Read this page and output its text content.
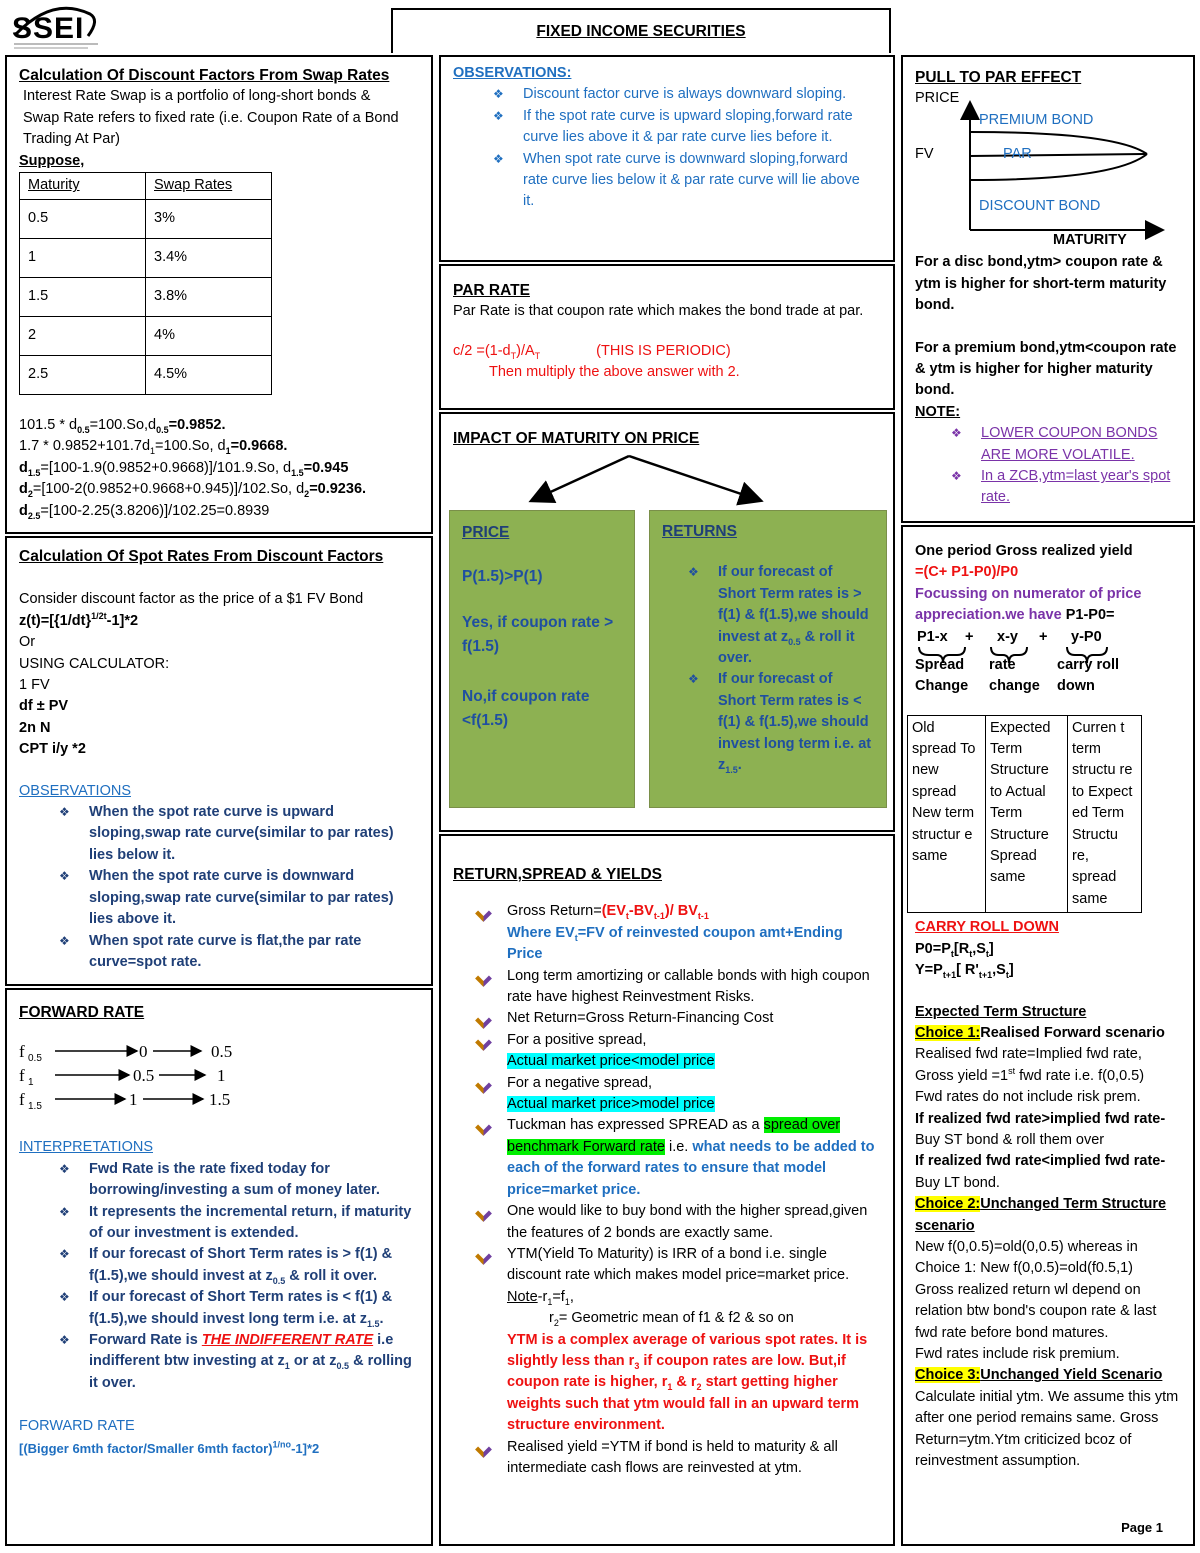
SSEI	FIXED INCOME SECURITIES
Calculation Of Discount Factors From Swap Rates
Interest Rate Swap is a portfolio of long-short bonds & Swap Rate refers to fixed rate (i.e. Coupon Rate of a Bond Trading At Par)
Suppose,
Maturity	Swap Rates
0.5	3%
1	3.4%
1.5	3.8%
2	4%
2.5	4.5%
$101.5 * d_{0.5}=100.So,d_{0.5}=0.9852$.
$1.7 * 0.9852+101.7d_1=100.So$, $d_1=0.9668$.
$d_{1.5}=[100-1.9(0.9852+0.9668)]/101.9.So$, $d_{1.5}=0.945$
$d_2=[100-2(0.9852+0.9668+0.945)]/102.So$, $d_2=0.9236$.
$d_{2.5}=[100-2.25(3.8206)]/102.25=0.8939$
Calculation Of Spot Rates From Discount Factors
Consider discount factor as the price of a $1 FV Bond
$z(t)=[\{1/dt\}^{1/2t}-1]*2$
Or
USING CALCULATOR:
1 FV
df ± PV
2n N
CPT i/y *2
OBSERVATIONS
❖ When the spot rate curve is upward sloping,swap rate curve(similar to par rates) lies below it.
❖ When the spot rate curve is downward sloping,swap rate curve(similar to par rates) lies above it.
❖ When spot rate curve is flat,the par rate curve=spot rate.
FORWARD RATE
f 0.5	0	0.5
f 1	0.5	1
f 1.5	1	1.5
INTERPRETATIONS
❖ Fwd Rate is the rate fixed today for borrowing/investing a sum of money later.
❖ It represents the incremental return, if maturity of our investment is extended.
❖ If our forecast of Short Term rates is > f(1) & f(1.5),we should invest at $z_{0.5}$ & roll it over.
❖ If our forecast of Short Term rates is < f(1) & f(1.5),we should invest long term i.e. at $z_{1.5}$.
❖ Forward Rate is THE INDIFFERENT RATE i.e indifferent btw investing at $z_1$ or at $z_{0.5}$ & rolling it over.
FORWARD RATE
[(Bigger 6mth factor/Smaller 6mth factor)$^{1/no}$-1]*2
OBSERVATIONS:
❖ Discount factor curve is always downward sloping.
❖ If the spot rate curve is upward sloping,forward rate curve lies above it & par rate curve lies before it.
❖ When spot rate curve is downward sloping,forward rate curve lies below it & par rate curve will lie above it.
PAR RATE
Par Rate is that coupon rate which makes the bond trade at par.
$c/2 =(1-d_T)/A_T$	(THIS IS PERIODIC)
Then multiply the above answer with 2.
IMPACT OF MATURITY ON PRICE
PRICE
P(1.5)>P(1)
Yes, if coupon rate > f(1.5)
No,if coupon rate <f(1.5)
RETURNS
❖ If our forecast of Short Term rates is > f(1) & f(1.5),we should invest at $z_{0.5}$ & roll it over.
❖ If our forecast of Short Term rates is < f(1) & f(1.5),we should invest long term i.e. at $z_{1.5}$.
RETURN,SPREAD & YIELDS
Gross $Return=(EV_t-BV_{t-1})/$ $BV_{t-1}$
Where $EV_t=FV$ of reinvested coupon amt+Ending Price
Long term amortizing or callable bonds with high coupon rate have highest Reinvestment Risks.
Net Return=Gross Return-Financing Cost
For a positive spread,
Actual market price<model price
For a negative spread,
Actual market price>model price
Tuckman has expressed SPREAD as a spread over benchmark Forward rate i.e. what needs to be added to each of the forward rates to ensure that model price=market price.
One would like to buy bond with the higher spread,given the features of 2 bonds are exactly same.
YTM(Yield To Maturity) is IRR of a bond i.e. single discount rate which makes model price=market price.
Note-$r_1=f_1$,
$r_2=$ Geometric mean of f1 & f2 & so on
YTM is a complex average of various spot rates. It is slightly less than $r_3$ if coupon rates are low. But,if coupon rate is higher, $r_1$ & $r_2$ start getting higher weights such that ytm would fall in an upward term structure environment.
Realised yield =YTM if bond is held to maturity & all intermediate cash flows are reinvested at ytm.
PULL TO PAR EFFECT
PRICE
PREMIUM BOND
FV	PAR
DISCOUNT BOND
MATURITY
For a disc bond,ytm> coupon rate & ytm is higher for short-term maturity bond.
For a premium bond,ytm<coupon rate & ytm is higher for higher maturity bond.
NOTE:
❖ LOWER COUPON BONDS ARE MORE VOLATILE.
❖ In a ZCB,ytm=last year's spot rate.
One period Gross realized yield
=(C+ P1-P0)/P0
Focussing on numerator of price appreciation.we have P1-P0=
P1-x + x-y + y-P0
Spread Change
rate change
carry roll down
Old spread To new spread New term structur e same	Expected Term Structure to Actual Term Structure Spread same	Curren t term structu re to Expect ed Term Structu re, spread same
CARRY ROLL DOWN
$P0=P_t[R_t,S_t]$
$Y=P_{t+1}$[ $R'_{t+1},S_t$]
Expected Term Structure
Choice 1:Realised Forward scenario
Realised fwd rate=Implied fwd rate, Gross yield =1st fwd rate i.e. f(0,0.5)
Fwd rates do not include risk prem.
If realized fwd rate>implied fwd rate-Buy ST bond & roll them over
If realized fwd rate<implied fwd rate-Buy LT bond.
Choice 2:Unchanged Term Structure scenario
New f(0,0.5)=old(0,0.5) whereas in Choice 1: New f(0,0.5)=old(f0.5,1)
Gross realized return wl depend on relation btw bond's coupon rate & last fwd rate before bond matures.
Fwd rates include risk premium.
Choice 3:Unchanged Yield Scenario
Calculate initial ytm. We assume this ytm after one period remains same. Gross Return=ytm.Ytm criticized bcoz of reinvestment assumption.
Page 1
